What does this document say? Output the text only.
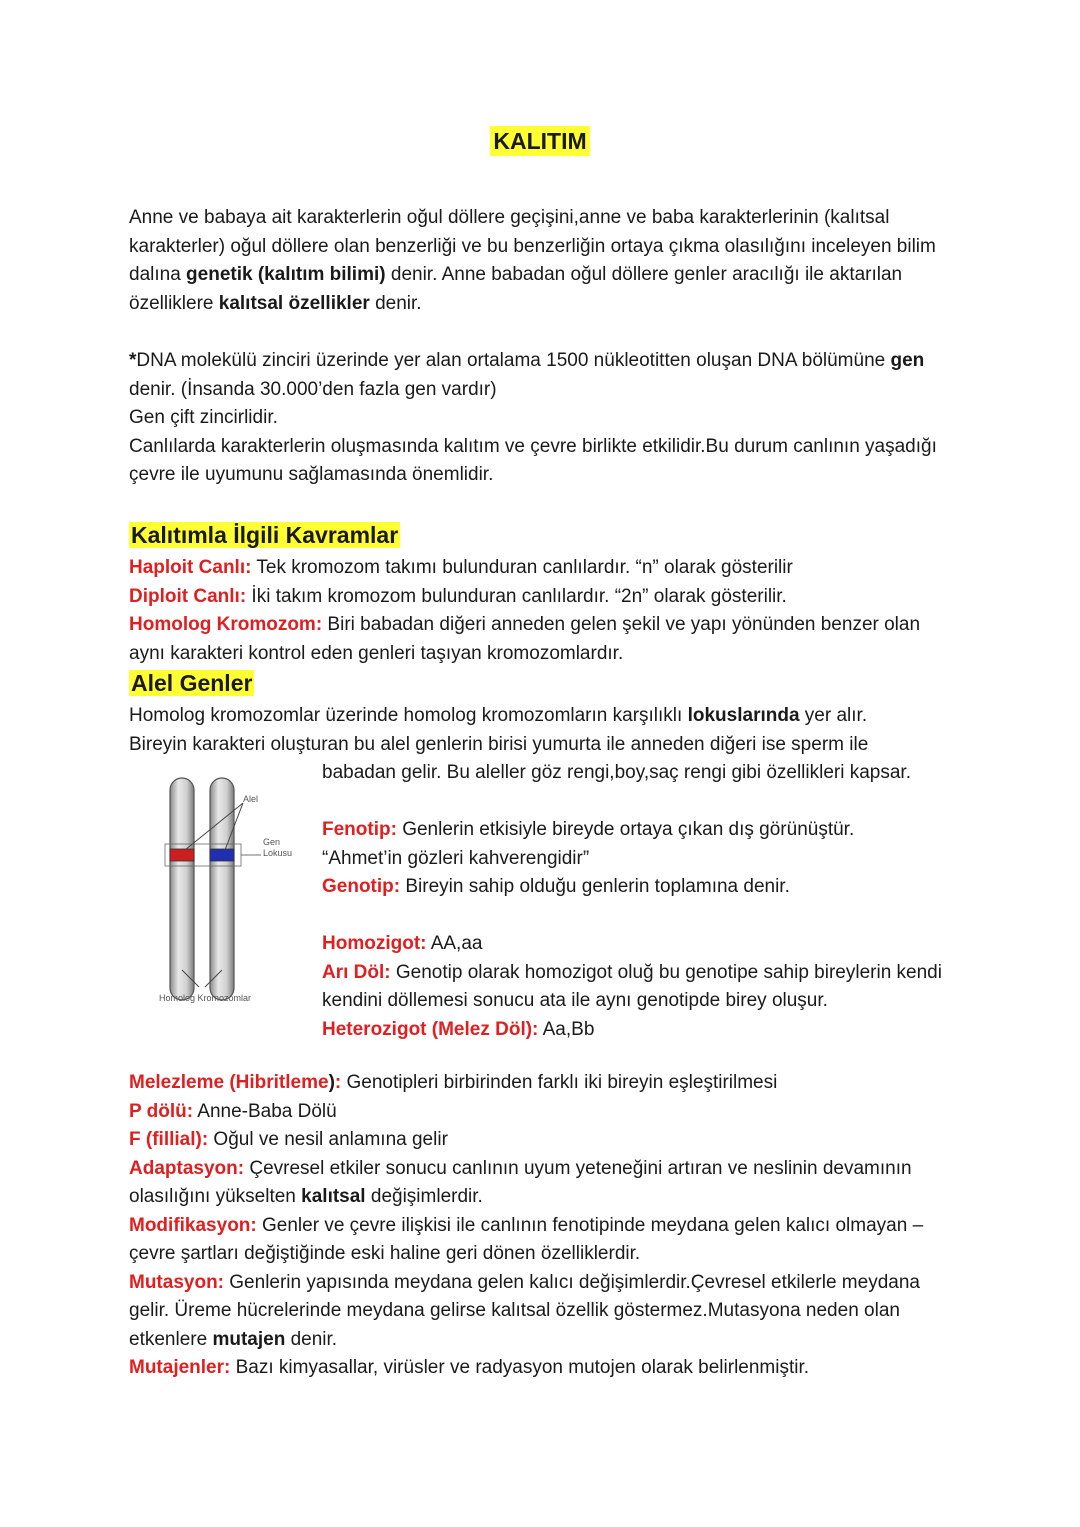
KALITIM

Anne ve babaya ait karakterlerin oğul döllere geçişini,anne ve baba karakterlerinin (kalıtsal karakterler) oğul döllere olan benzerliği ve bu benzerliğin ortaya çıkma olasılığını inceleyen bilim dalına genetik (kalıtım bilimi) denir. Anne babadan oğul döllere genler aracılığı ile aktarılan özelliklere kalıtsal özellikler denir.

*DNA molekülü zinciri üzerinde yer alan ortalama 1500 nükleotitten oluşan DNA bölümüne gen denir. (İnsanda 30.000’den fazla gen vardır)

Gen çift zincirlidir.

Canlılarda karakterlerin oluşmasında kalıtım ve çevre birlikte etkilidir.Bu durum canlının yaşadığı çevre ile uyumunu sağlamasında önemlidir.

Kalıtımla İlgili Kavramlar

Haploit Canlı: Tek kromozom takımı bulunduran canlılardır. “n” olarak gösterilir

Diploit Canlı: İki takım kromozom bulunduran canlılardır. “2n” olarak gösterilir.

Homolog Kromozom: Biri babadan diğeri anneden gelen şekil ve yapı yönünden benzer olan aynı karakteri kontrol eden genleri taşıyan kromozomlardır.

Alel Genler

Homolog kromozomlar üzerinde homolog kromozomların karşılıklı lokuslarında yer alır.

Bireyin karakteri oluşturan bu alel genlerin birisi yumurta ile anneden diğeri ise sperm ile

Alel
Gen
Lokusu
Homolog Kromozomlar

babadan gelir. Bu aleller göz rengi,boy,saç rengi gibi özellikleri kapsar.

Fenotip: Genlerin etkisiyle bireyde ortaya çıkan dış görünüştür.

“Ahmet’in gözleri kahverengidir”

Genotip: Bireyin sahip olduğu genlerin toplamına denir.

Homozigot: AA,aa

Arı Döl: Genotip olarak homozigot oluğ bu genotipe sahip bireylerin kendi kendini döllemesi sonucu ata ile aynı genotipde birey oluşur.

Heterozigot (Melez Döl): Aa,Bb

Melezleme (Hibritleme): Genotipleri birbirinden farklı iki bireyin eşleştirilmesi

P dölü: Anne-Baba Dölü

F (fillial): Oğul ve nesil anlamına gelir

Adaptasyon: Çevresel etkiler sonucu canlının uyum yeteneğini artıran ve neslinin devamının olasılığını yükselten kalıtsal değişimlerdir.

Modifikasyon: Genler ve çevre ilişkisi ile canlının fenotipinde meydana gelen kalıcı olmayan – çevre şartları değiştiğinde eski haline geri dönen özelliklerdir.

Mutasyon: Genlerin yapısında meydana gelen kalıcı değişimlerdir.Çevresel etkilerle meydana gelir. Üreme hücrelerinde meydana gelirse kalıtsal özellik göstermez.Mutasyona neden olan etkenlere mutajen denir.

Mutajenler: Bazı kimyasallar, virüsler ve radyasyon mutojen olarak belirlenmiştir.
